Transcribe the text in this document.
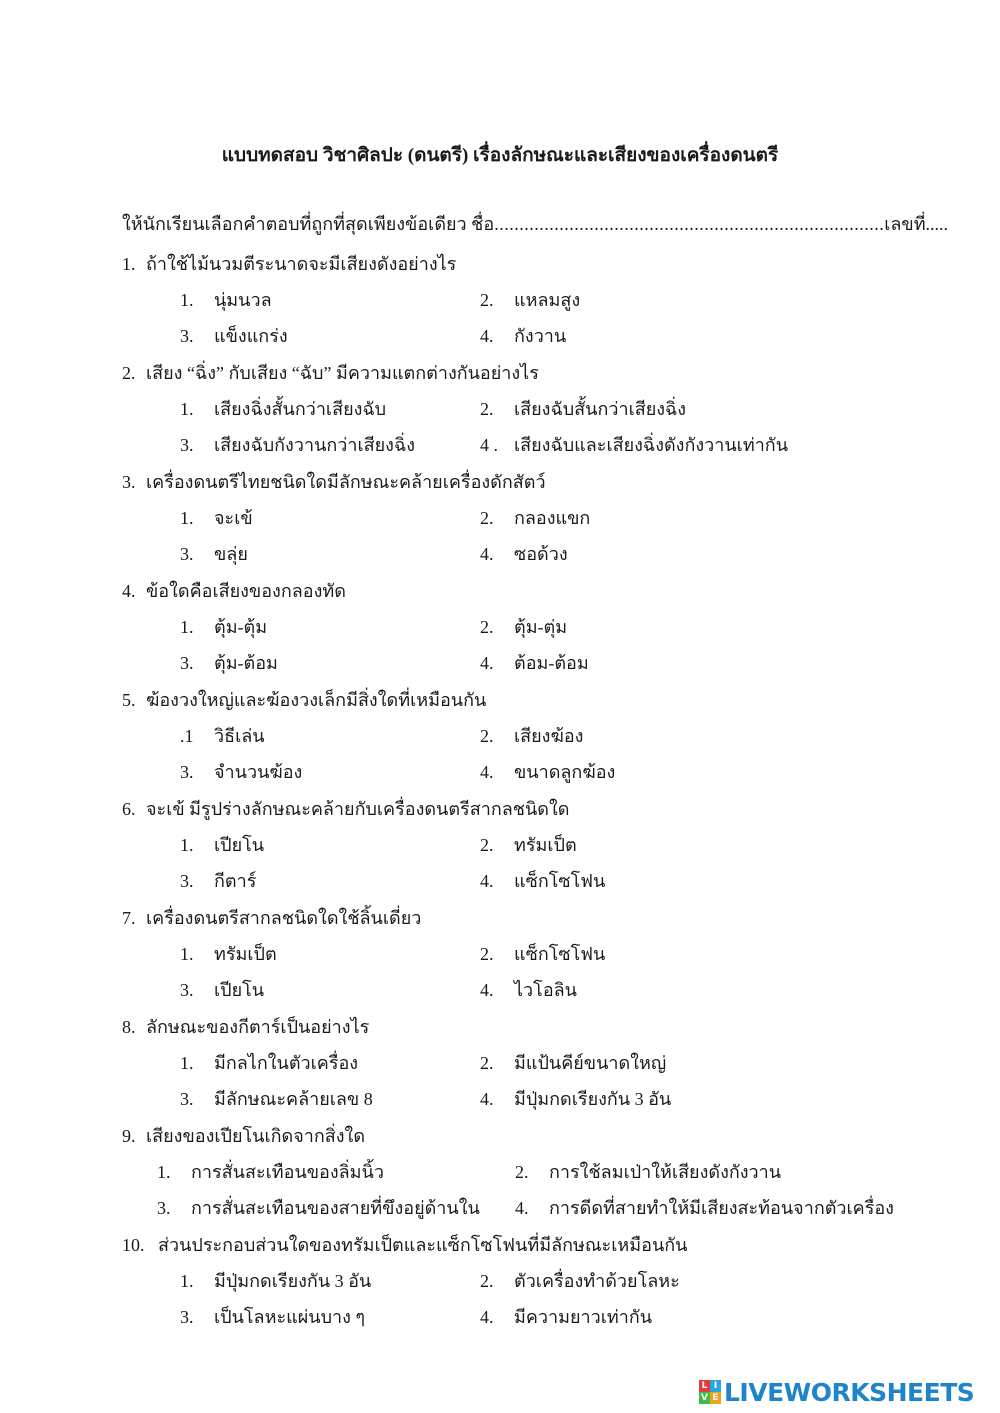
แบบทดสอบ วิชาศิลปะ (ดนตรี) เรื่องลักษณะและเสียงของเครื่องดนตรี
ให้นักเรียนเลือกคำตอบที่ถูกที่สุดเพียงข้อเดียว ชื่อ..............................................................................เลขที่.....
1. ถ้าใช้ไม้นวมตีระนาดจะมีเสียงดังอย่างไร
1. นุ่มนวล	2. แหลมสูง
3. แข็งแกร่ง	4. กังวาน
2. เสียง “ฉิ่ง” กับเสียง “ฉับ” มีความแตกต่างกันอย่างไร
1. เสียงฉิ่งสั้นกว่าเสียงฉับ	2. เสียงฉับสั้นกว่าเสียงฉิ่ง
3. เสียงฉับกังวานกว่าเสียงฉิ่ง	4 . เสียงฉับและเสียงฉิ่งดังกังวานเท่ากัน
3. เครื่องดนตรีไทยชนิดใดมีลักษณะคล้ายเครื่องดักสัตว์
1. จะเข้	2. กลองแขก
3. ขลุ่ย	4. ซอด้วง
4. ข้อใดคือเสียงของกลองทัด
1. ตุ้ม-ตุ้ม	2. ตุ้ม-ตุ่ม
3. ตุ้ม-ต้อม	4. ต้อม-ต้อม
5. ฆ้องวงใหญ่และฆ้องวงเล็กมีสิ่งใดที่เหมือนกัน
.1 วิธีเล่น	2. เสียงฆ้อง
3. จำนวนฆ้อง	4. ขนาดลูกฆ้อง
6. จะเข้ มีรูปร่างลักษณะคล้ายกับเครื่องดนตรีสากลชนิดใด
1. เปียโน	2. ทรัมเป็ต
3. กีตาร์	4. แซ็กโซโฟน
7. เครื่องดนตรีสากลชนิดใดใช้ลิ้นเดี่ยว
1. ทรัมเป็ต	2. แซ็กโซโฟน
3. เปียโน	4. ไวโอลิน
8. ลักษณะของกีตาร์เป็นอย่างไร
1. มีกลไกในตัวเครื่อง	2. มีแป้นคีย์ขนาดใหญ่
3. มีลักษณะคล้ายเลข 8	4. มีปุ่มกดเรียงกัน 3 อัน
9. เสียงของเปียโนเกิดจากสิ่งใด
1. การสั่นสะเทือนของลิ่มนิ้ว	2. การใช้ลมเป่าให้เสียงดังกังวาน
3. การสั่นสะเทือนของสายที่ขึงอยู่ด้านใน 4. การดีดที่สายทำให้มีเสียงสะท้อนจากตัวเครื่อง
10. ส่วนประกอบส่วนใดของทรัมเป็ตและแซ็กโซโฟนที่มีลักษณะเหมือนกัน
1. มีปุ่มกดเรียงกัน 3 อัน	2. ตัวเครื่องทำด้วยโลหะ
3. เป็นโลหะแผ่นบาง ๆ	4. มีความยาวเท่ากัน
L I
V E LIVEWORKSHEETS
